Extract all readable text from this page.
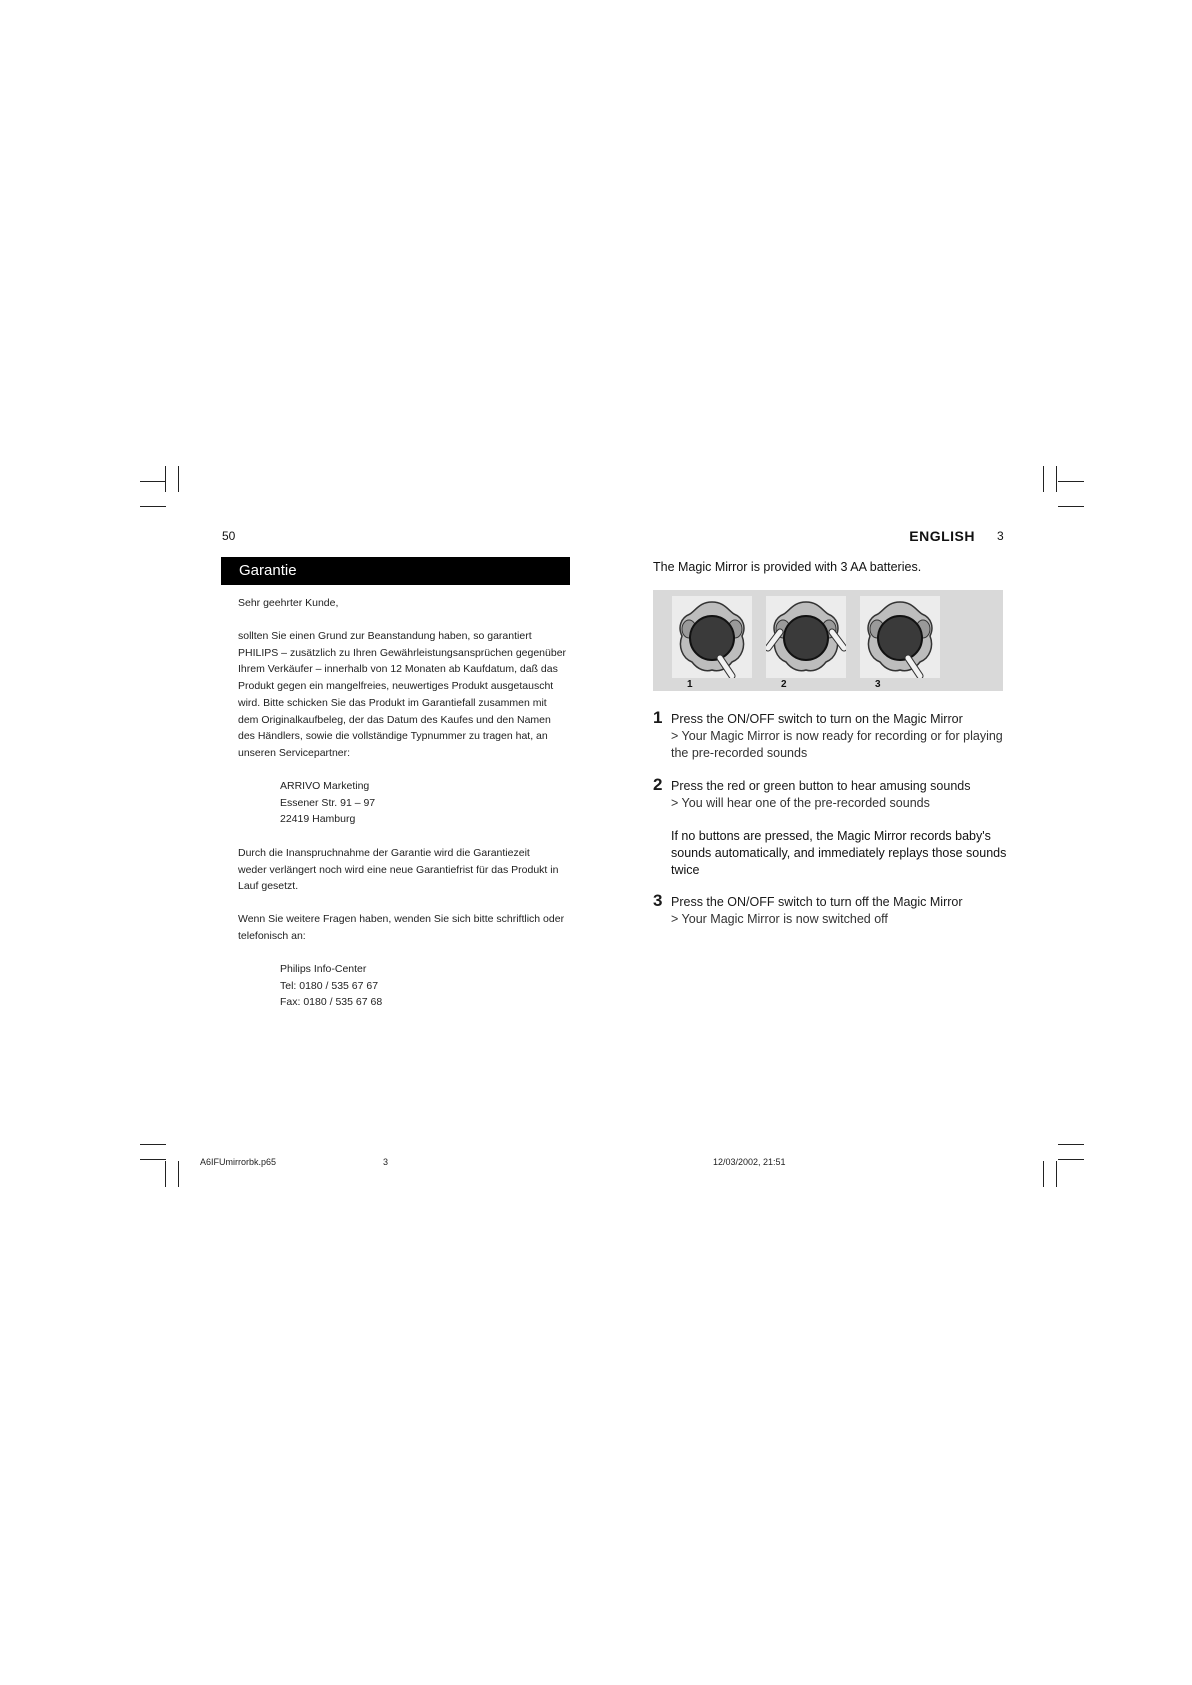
50
Garantie
Sehr geehrter Kunde,

sollten Sie einen Grund zur Beanstandung haben, so garantiert

PHILIPS – zusätzlich zu Ihren Gewährleistungsansprüchen gegenüber

Ihrem Verkäufer – innerhalb von 12 Monaten ab Kaufdatum, daß das

Produkt gegen ein mangelfreies, neuwertiges Produkt ausgetauscht

wird. Bitte schicken Sie das Produkt im Garantiefall zusammen mit

dem Originalkaufbeleg, der das Datum des Kaufes und den Namen

des Händlers, sowie die vollständige Typnummer zu tragen hat, an

unseren Servicepartner:

ARRIVO Marketing

Essener Str. 91 – 97

22419 Hamburg

Durch die Inanspruchnahme der Garantie wird die Garantiezeit

weder verlängert noch wird eine neue Garantiefrist für das Produkt in

Lauf gesetzt.

Wenn Sie weitere Fragen haben, wenden Sie sich bitte schriftlich oder

telefonisch an:

Philips Info-Center

Tel: 0180 / 535 67 67

Fax: 0180 / 535 67 68

ENGLISH 3
The Magic Mirror is provided with 3 AA batteries.
1	2	3
1 Press the ON/OFF switch to turn on the Magic Mirror
> Your Magic Mirror is now ready for recording or for playing
the pre-recorded sounds
2 Press the red or green button to hear amusing sounds
> You will hear one of the pre-recorded sounds
If no buttons are pressed, the Magic Mirror records baby's
sounds automatically, and immediately replays those sounds
twice
3 Press the ON/OFF switch to turn off the Magic Mirror
> Your Magic Mirror is now switched off
A6IFUmirrorbk.p65	3	12/03/2002, 21:51
